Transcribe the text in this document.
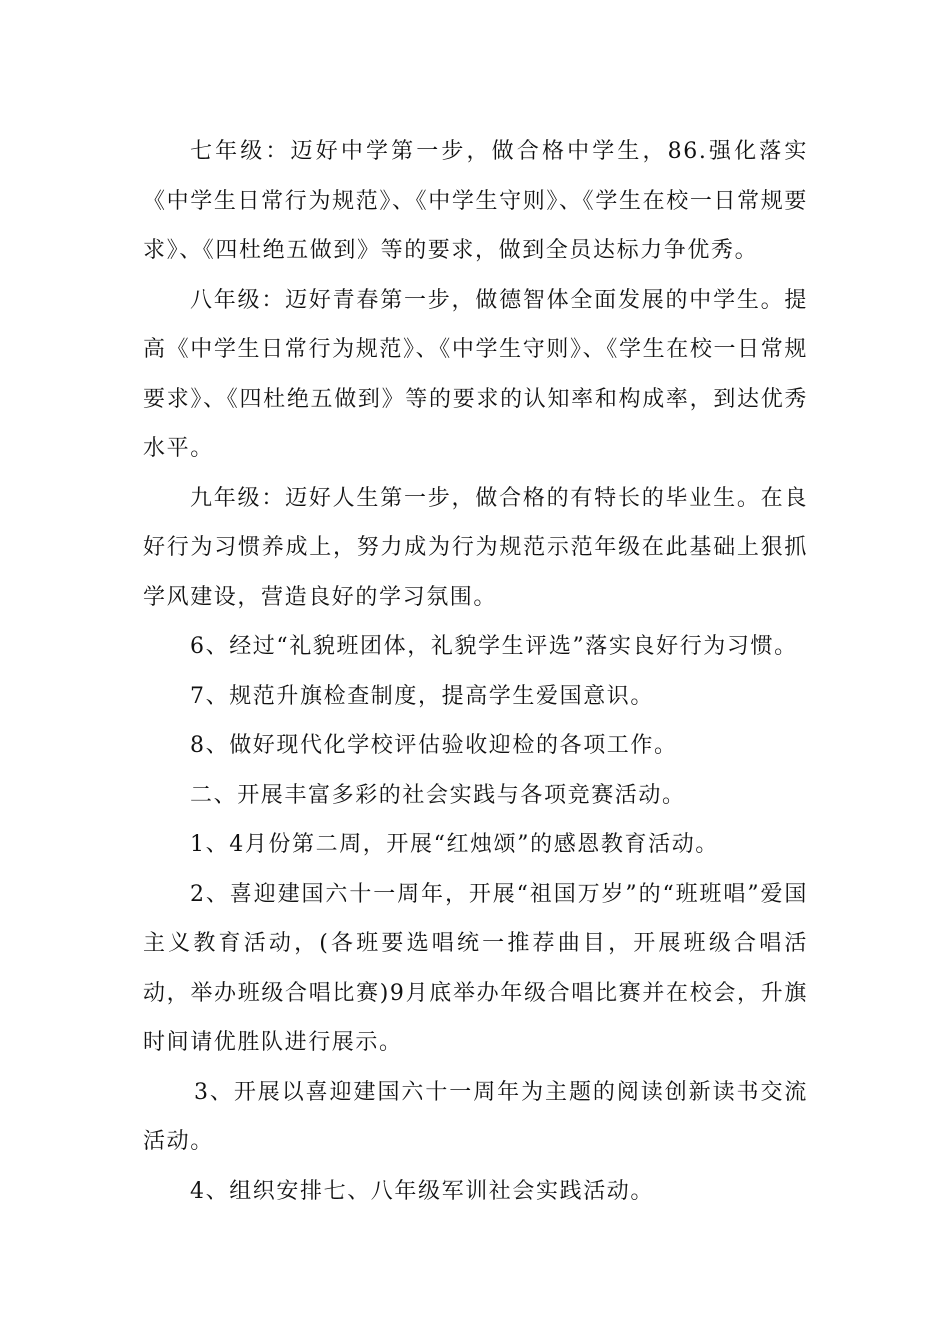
七年级：迈好中学第一步，做合格中学生，86.强化落实《中学生日常行为规范》、《中学生守则》、《学生在校一日常规要求》、《四杜绝五做到》等的要求，做到全员达标力争优秀。

八年级：迈好青春第一步，做德智体全面发展的中学生。提高《中学生日常行为规范》、《中学生守则》、《学生在校一日常规要求》、《四杜绝五做到》等的要求的认知率和构成率，到达优秀水平。

九年级：迈好人生第一步，做合格的有特长的毕业生。在良好行为习惯养成上，努力成为行为规范示范年级在此基础上狠抓学风建设，营造良好的学习氛围。

6、经过“礼貌班团体，礼貌学生评选”落实良好行为习惯。

7、规范升旗检查制度，提高学生爱国意识。

8、做好现代化学校评估验收迎检的各项工作。

二、开展丰富多彩的社会实践与各项竞赛活动。

1、4月份第二周，开展“红烛颂”的感恩教育活动。

2、喜迎建国六十一周年，开展“祖国万岁”的“班班唱”爱国主义教育活动，(各班要选唱统一推荐曲目，开展班级合唱活动，举办班级合唱比赛)9月底举办年级合唱比赛并在校会，升旗时间请优胜队进行展示。

3、开展以喜迎建国六十一周年为主题的阅读创新读书交流活动。

4、组织安排七、八年级军训社会实践活动。
